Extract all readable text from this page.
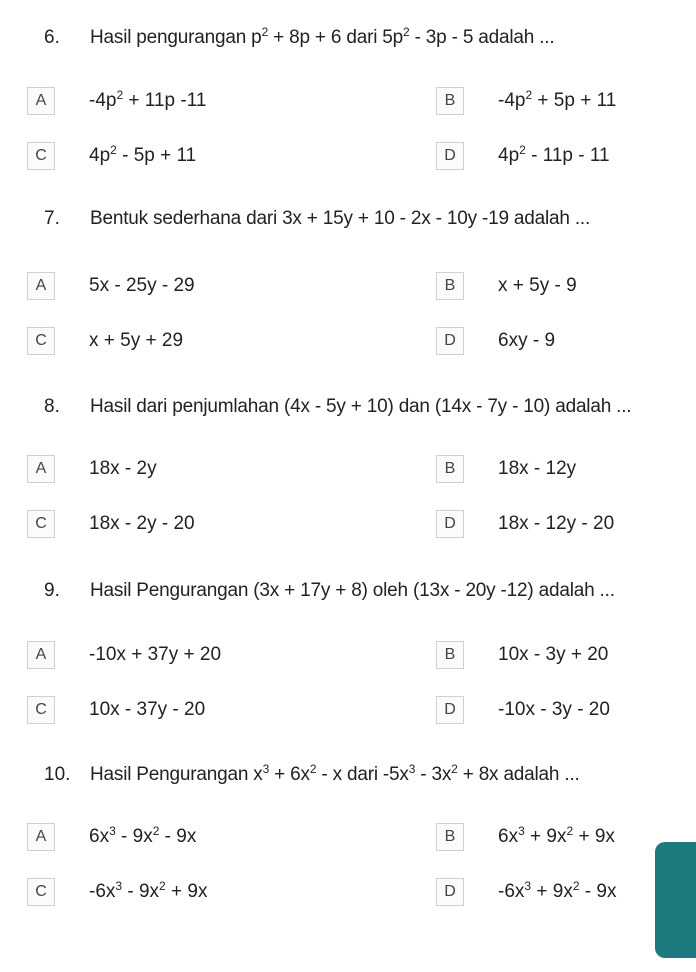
6. Hasil pengurangan $p^2 + 8p + 6$ dari $5p^2 - 3p - 5$ adalah ...
A	$-4p^2 + 11p$ -11	B	$-4p^2 + 5p + 11$
C	$4p^2 - 5p + 11$	D	$4p^2 - 11p - 11$
7. Bentuk sederhana dari 3x + 15y + 10 - 2x - 10y -19 adalah ...
A	5x - 25y - 29	B	x + 5y - 9
C	x + 5y + 29	D	6xy - 9
8. Hasil dari penjumlahan (4x - 5y + 10) dan (14x - 7y - 10) adalah ...
A	18x - 2y	B	18x - 12y
C	18x - 2y - 20	D	18x - 12y - 20
9. Hasil Pengurangan (3x + 17y + 8) oleh (13x - 20y -12) adalah ...
A	-10x + 37y + 20	B	10x - 3y + 20
C	10x - 37y - 20	D	-10x - 3y - 20
10. Hasil Pengurangan $x^3 + 6x^2 - x$ dari $-5x^3 - 3x^2 + 8x$ adalah ...
A	$6x^3 - 9x^2 - 9x$	B	$6x^3 + 9x^2 + 9x$
C	$-6x^3 - 9x^2 + 9x$	D	$-6x^3 + 9x^2 - 9x$
